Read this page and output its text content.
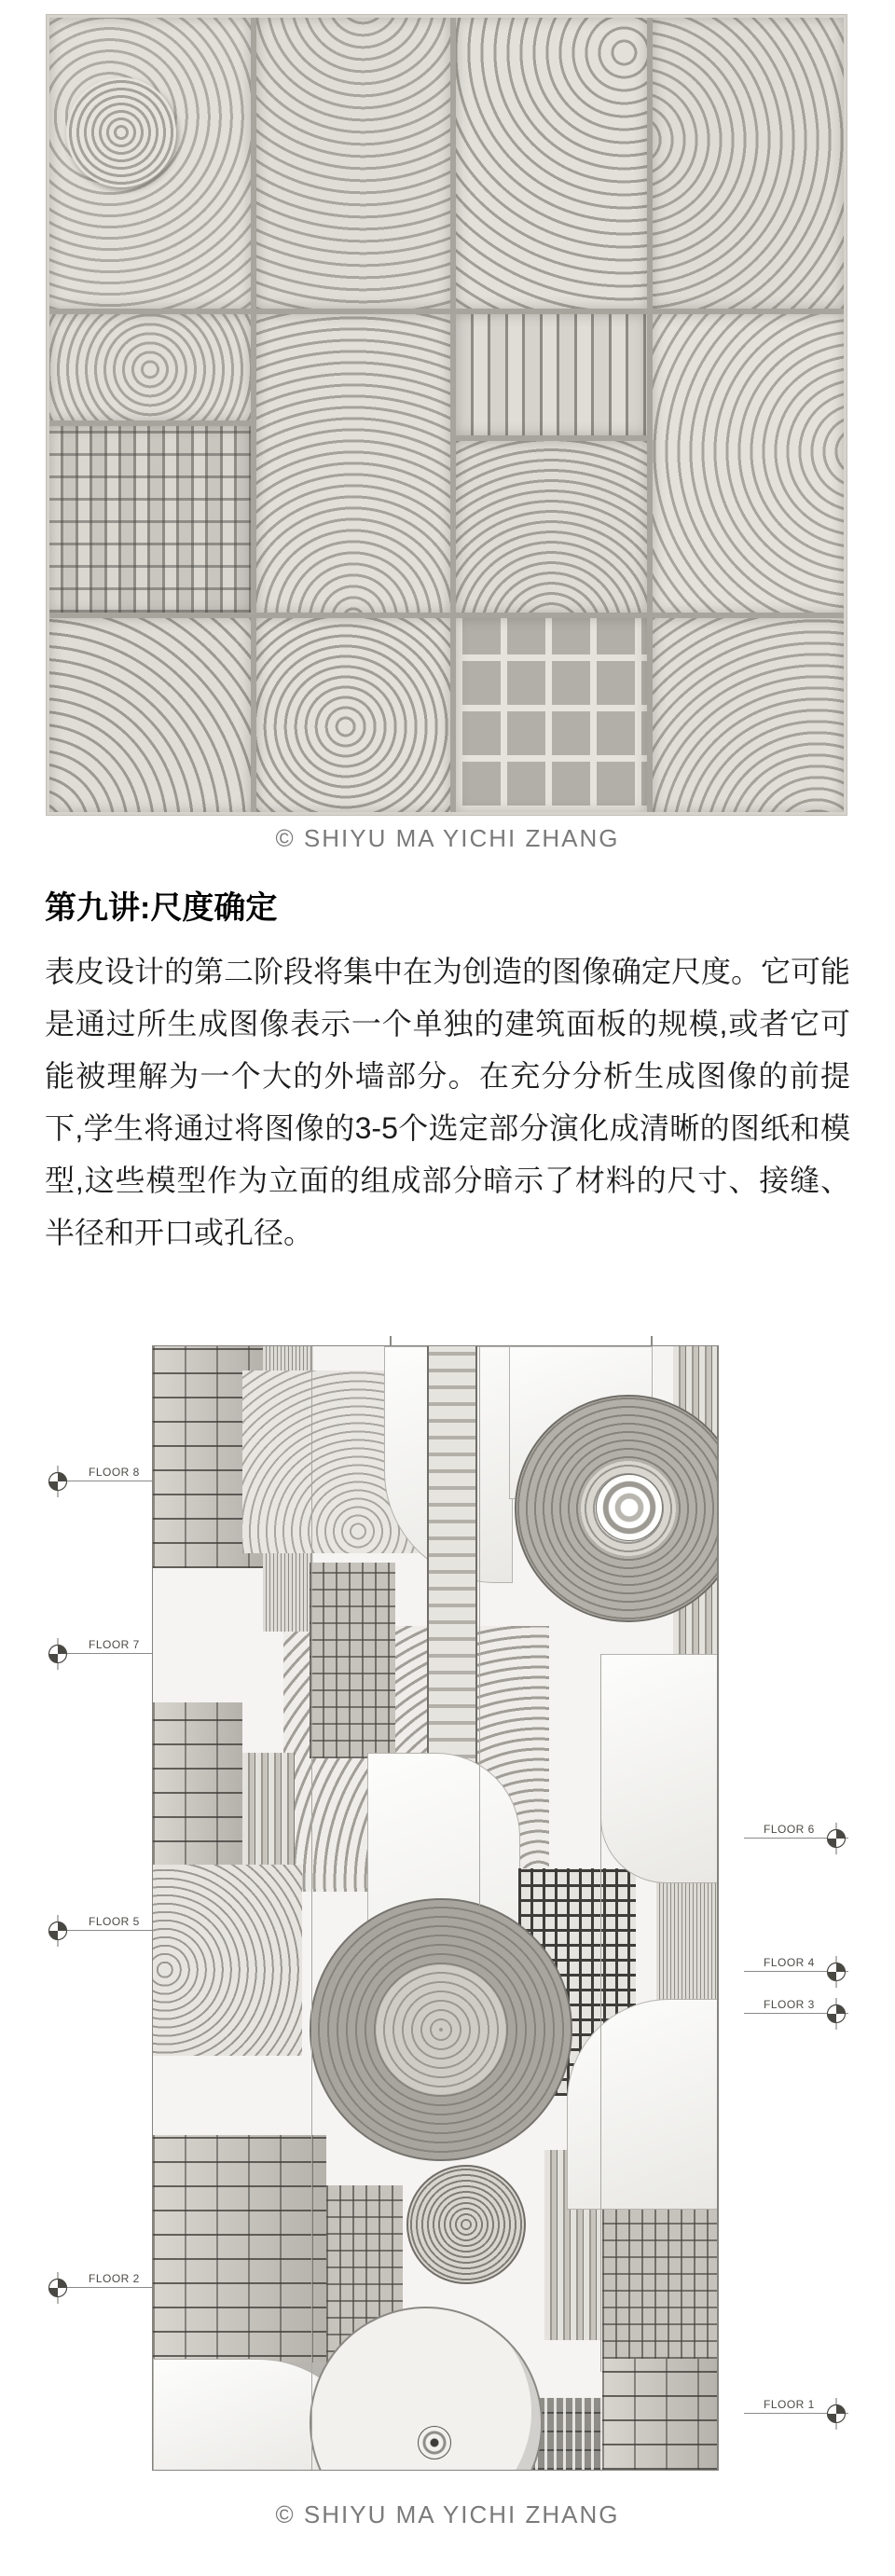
© SHIYU MA YICHI ZHANG
第九讲:尺度确定

表皮设计的第二阶段将集中在为创造的图像确定尺度。它可能是通过所生成图像表示一个单独的建筑面板的规模,或者它可能被理解为一个大的外墙部分。在充分分析生成图像的前提下,学生将通过将图像的3-5个选定部分演化成清晰的图纸和模型,这些模型作为立面的组成部分暗示了材料的尺寸、接缝、半径和开口或孔径。

FLOOR 8
FLOOR 7
FLOOR 5
FLOOR 2
FLOOR 6
FLOOR 4
FLOOR 3
FLOOR 1
© SHIYU MA YICHI ZHANG
